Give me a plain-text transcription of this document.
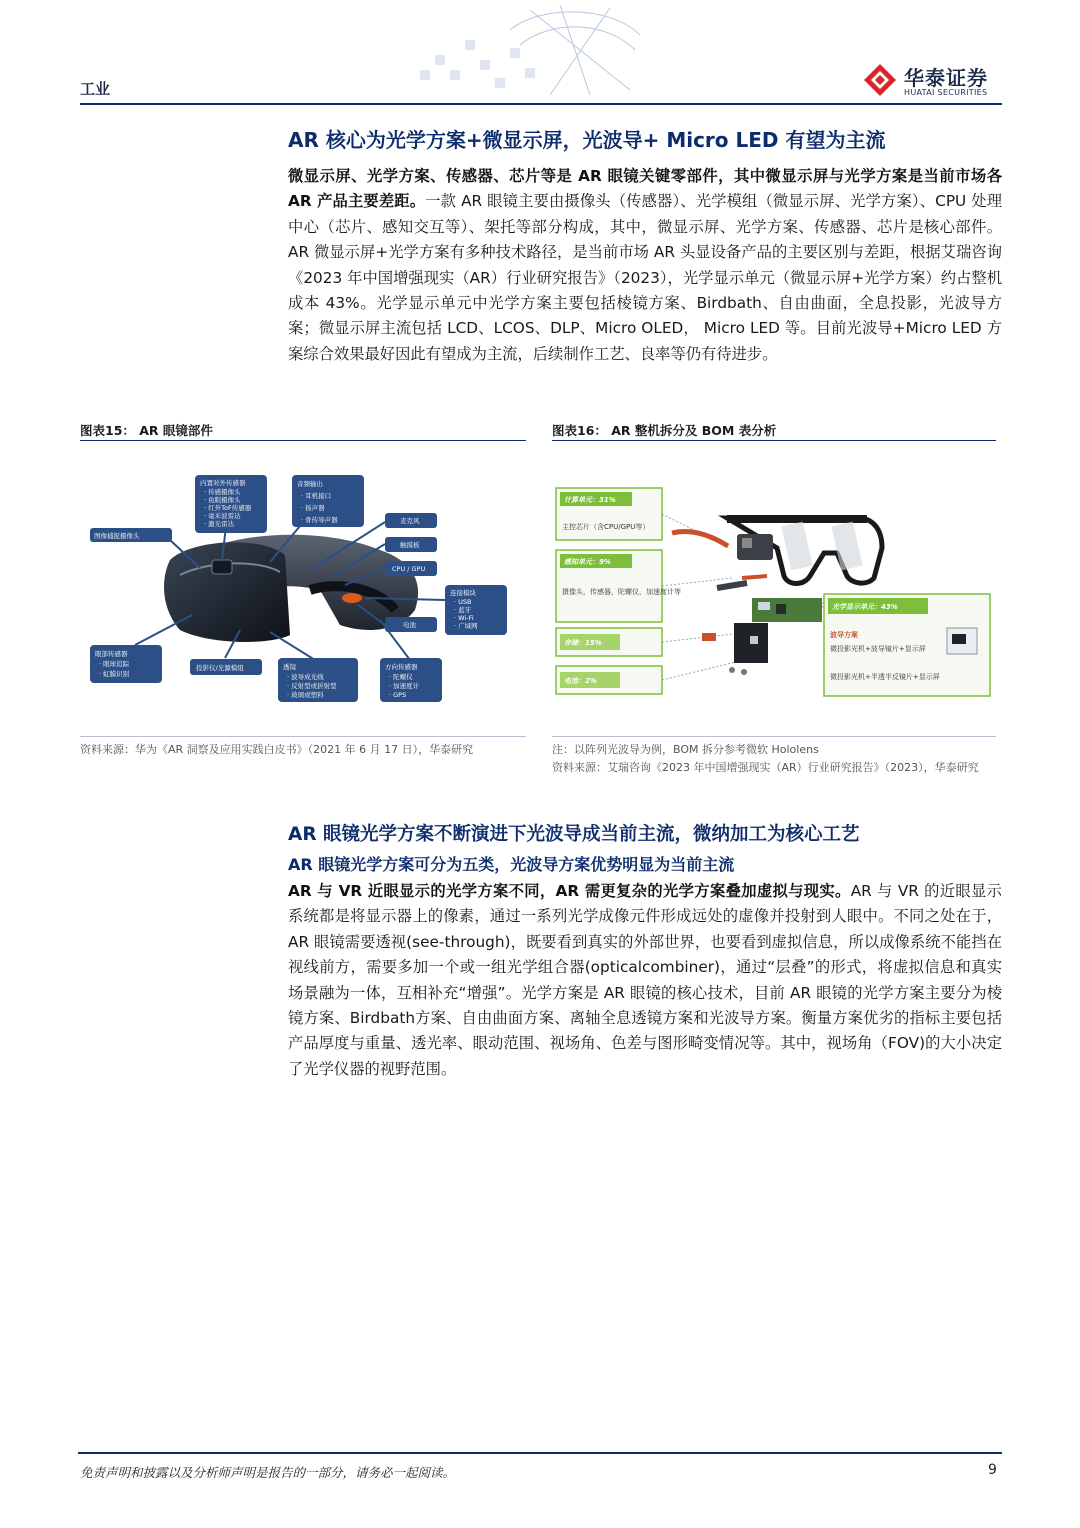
工业	华泰证券
HUATAI SECURITIES
AR 核心为光学方案+微显示屏，光波导+ Micro LED 有望为主流
微显示屏、光学方案、传感器、芯片等是 AR 眼镜关键零部件，其中微显示屏与光学方案是当前市场各 AR 产品主要差距。一款 AR 眼镜主要由摄像头（传感器）、光学模组（微显示屏、光学方案）、CPU 处理中心（芯片、感知交互等）、架托等部分构成，其中，微显示屏、光学方案、传感器、芯片是核心部件。AR 微显示屏+光学方案有多种技术路径，是当前市场 AR 头显设备产品的主要区别与差距，根据艾瑞咨询《2023 年中国增强现实（AR）行业研究报告》（2023），光学显示单元（微显示屏+光学方案）约占整机成本 43%。光学显示单元中光学方案主要包括棱镜方案、Birdbath、自由曲面，全息投影，光波导方案；微显示屏主流包括 LCD、LCOS、DLP、Micro OLED， Micro LED 等。目前光波导+Micro LED 方案综合效果最好因此有望成为主流，后续制作工艺、良率等仍有待进步。
图表15： AR 眼镜部件
内置对外传感器
· 传感摄像头
· 鱼眼摄像头
· 红外ToF传感器
· 毫米波雷达
· 激光雷达
音频输出
· 耳机接口
· 扬声器
· 骨传导声器
图像捕捉摄像头
麦克风
触摸板
CPU / GPU
连接模块
· USB
· 蓝牙
· Wi-Fi
· 广域网
电池
眼部传感器
· 眼球追踪
· 虹膜识别
投影仪/光源模组	透镜
· 波导成光线
· 反射型或折射型
· 玻璃或塑料
方向传感器
· 陀螺仪
· 加速度计
· GPS
资料来源：华为《AR 洞察及应用实践白皮书》（2021 年 6 月 17 日），华泰研究
图表16： AR 整机拆分及 BOM 表分析
计算单元：31%
主控芯片（含CPU/GPU等）
感知单元：9%
摄像头，传感器，陀螺仪，加速度计等
存储：15%
电池：2%
光学显示单元：43%
波导方案
微投影光机+波导镜片+显示屏
微投影光机+半透半反镜片+显示屏
注：以阵列光波导为例，BOM 拆分参考微软 Hololens
资料来源：艾瑞咨询《2023 年中国增强现实（AR）行业研究报告》（2023），华泰研究
AR 眼镜光学方案不断演进下光波导成当前主流，微纳加工为核心工艺
AR 眼镜光学方案可分为五类，光波导方案优势明显为当前主流
AR 与 VR 近眼显示的光学方案不同，AR 需更复杂的光学方案叠加虚拟与现实。AR 与 VR 的近眼显示系统都是将显示器上的像素，通过一系列光学成像元件形成远处的虚像并投射到人眼中。不同之处在于，AR 眼镜需要透视(see-through)，既要看到真实的外部世界，也要看到虚拟信息，所以成像系统不能挡在视线前方，需要多加一个或一组光学组合器(opticalcombiner)，通过“层叠”的形式，将虚拟信息和真实场景融为一体，互相补充“增强”。光学方案是 AR 眼镜的核心技术，目前 AR 眼镜的光学方案主要分为棱镜方案、Birdbath方案、自由曲面方案、离轴全息透镜方案和光波导方案。衡量方案优劣的指标主要包括产品厚度与重量、透光率、眼动范围、视场角、色差与图形畸变情况等。其中，视场角（FOV)的大小决定了光学仪器的视野范围。
免责声明和披露以及分析师声明是报告的一部分，请务必一起阅读。	9
